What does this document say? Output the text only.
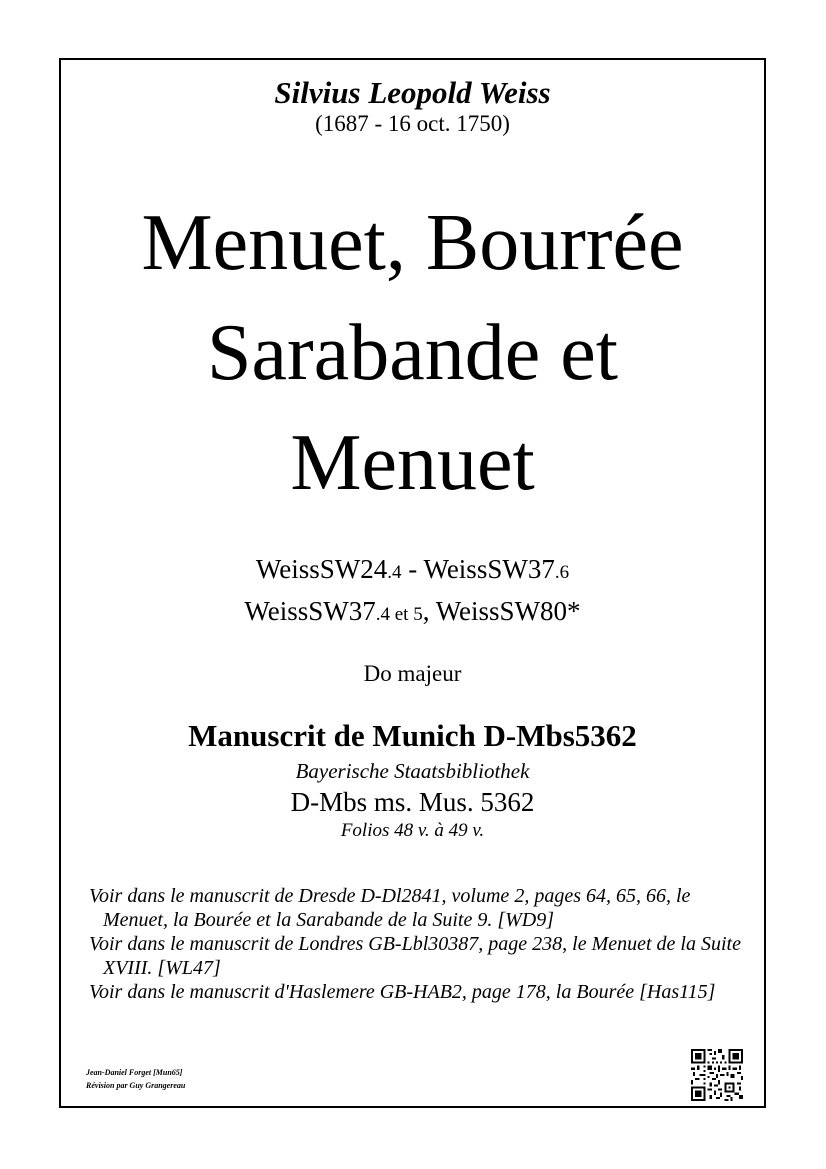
Silvius Leopold Weiss
(1687 - 16 oct. 1750)
Menuet, Bourrée
Sarabande et
Menuet
WeissSW24.4 - WeissSW37.6
WeissSW37.4 et 5, WeissSW80*
Do majeur
Manuscrit de Munich D-Mbs5362
Bayerische Staatsbibliothek
D-Mbs ms. Mus. 5362
Folios 48 v. à 49 v.

Voir dans le manuscrit de Dresde D-Dl2841, volume 2, pages 64, 65, 66, le Menuet, la Bourée et la Sarabande de la Suite 9. [WD9]

Voir dans le manuscrit de Londres GB-Lbl30387, page 238, le Menuet de la Suite XVIII. [WL47]

Voir dans le manuscrit d'Haslemere GB-HAB2, page 178, la Bourée [Has115]

Jean-Daniel Forget [Mun65]
Révision par Guy Grangereau
